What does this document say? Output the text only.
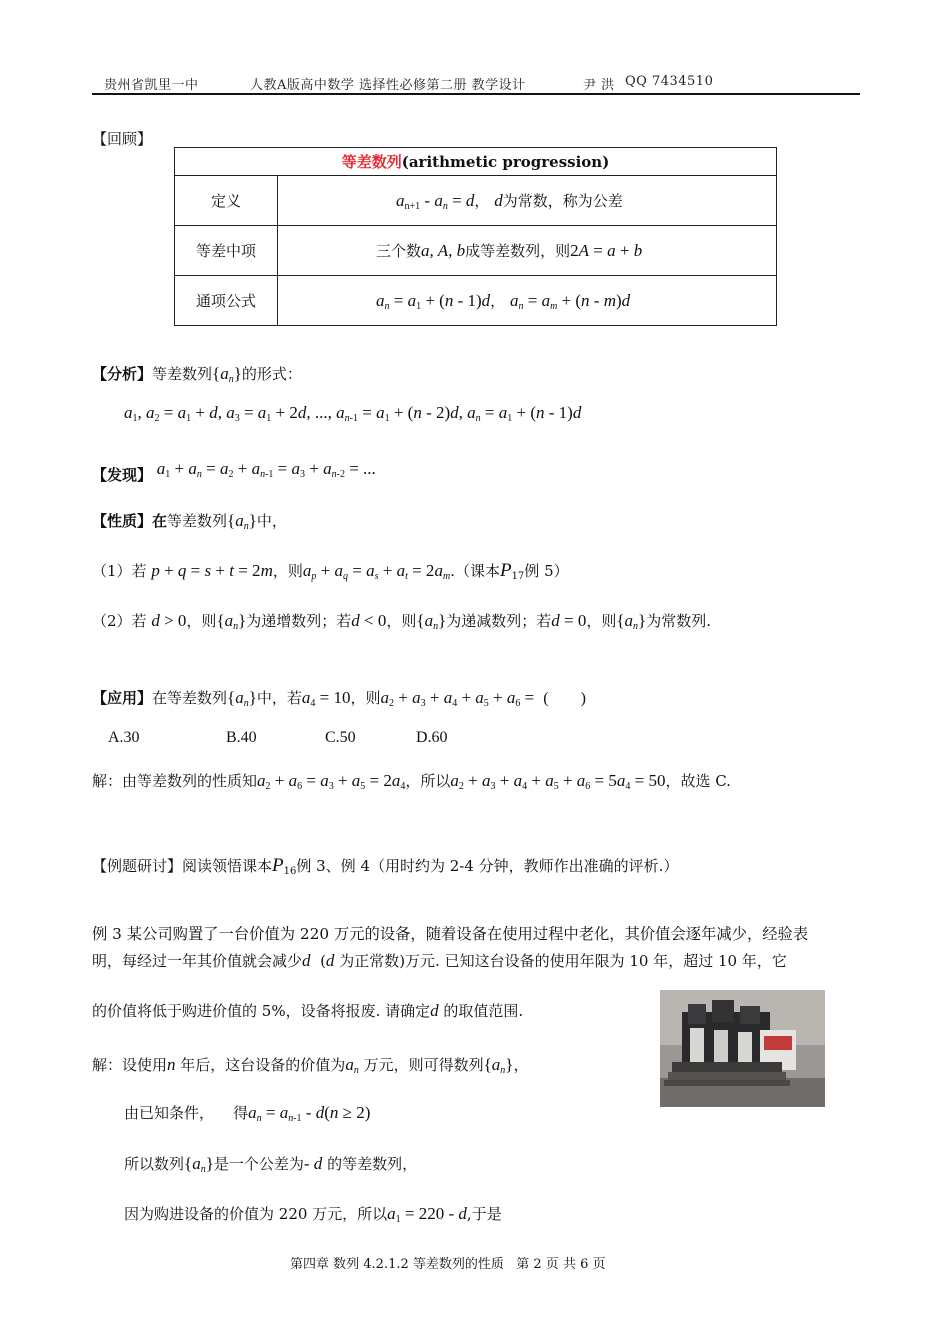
贵州省凯里一中	人教A版高中数学 选择性必修第二册 教学设计	尹 洪 QQ 7434510
【回顾】
等差数列(arithmetic progression)	
定义	$a_{n+1}$ - an = d， d为常数，称为公差
等差中项	三个数a, A, b成等差数列，则2A = a + b
通项公式	an = $a_1 + (n - 1)d$， an = am + (n - m)d
【分析】等差数列{an}的形式：
$a_1$, $a_2 = a_1 + d$, $a_3 = a_1 + 2d$, ..., $an_{-1} = a_1 + (n - 2)d$, an = $a_1 + (n - 1)d$
【发现】 $a_1$ + an = $a_2 + an_{-1} = a_3 + an_{-2}$ = ...
【性质】在等差数列{an}中，
（1）若 p + q = s + t = 2m，则ap + aq = as + at = 2am.（课本$P_{17}$例 5）
（2）若 d > 0，则{an}为递增数列；若d < 0，则{an}为递减数列；若d = 0，则{an}为常数列.
【应用】在等差数列{an}中，若$a_4 = 10$，则$a_2 + a_3 + a_4 + a_5 + a_6$ =  (        )
A.30	B.40	C.50	D.60
解：由等差数列的性质知$a_2 + a_6 = a_3 + a_5 = 2a_4$，所以$a_2 + a_3 + a_4 + a_5 + a_6 = 5a_4 = 50$，故选 C.
【例题研讨】阅读领悟课本$P_{16}$例 3、例 4（用时约为 2-4 分钟，教师作出准确的评析.）
例 3 某公司购置了一台价值为 220 万元的设备，随着设备在使用过程中老化，其价值会逐年减少，经验表
明，每经过一年其价值就会减少d (d 为正常数)万元. 已知这台设备的使用年限为 10 年，超过 10 年，它
的价值将低于购进价值的 5%，设备将报废. 请确定d 的取值范围.
解：设使用n 年后，这台设备的价值为an 万元，则可得数列{an}，
由已知条件， 得an = $an_{-1} - d(n \ge 2)$
所以数列{an}是一个公差为- d 的等差数列，
因为购进设备的价值为 220 万元，所以$a_1 = 220 - d$,于是
第四章 数列 4.2.1.2 等差数列的性质   第 2 页 共 6 页
